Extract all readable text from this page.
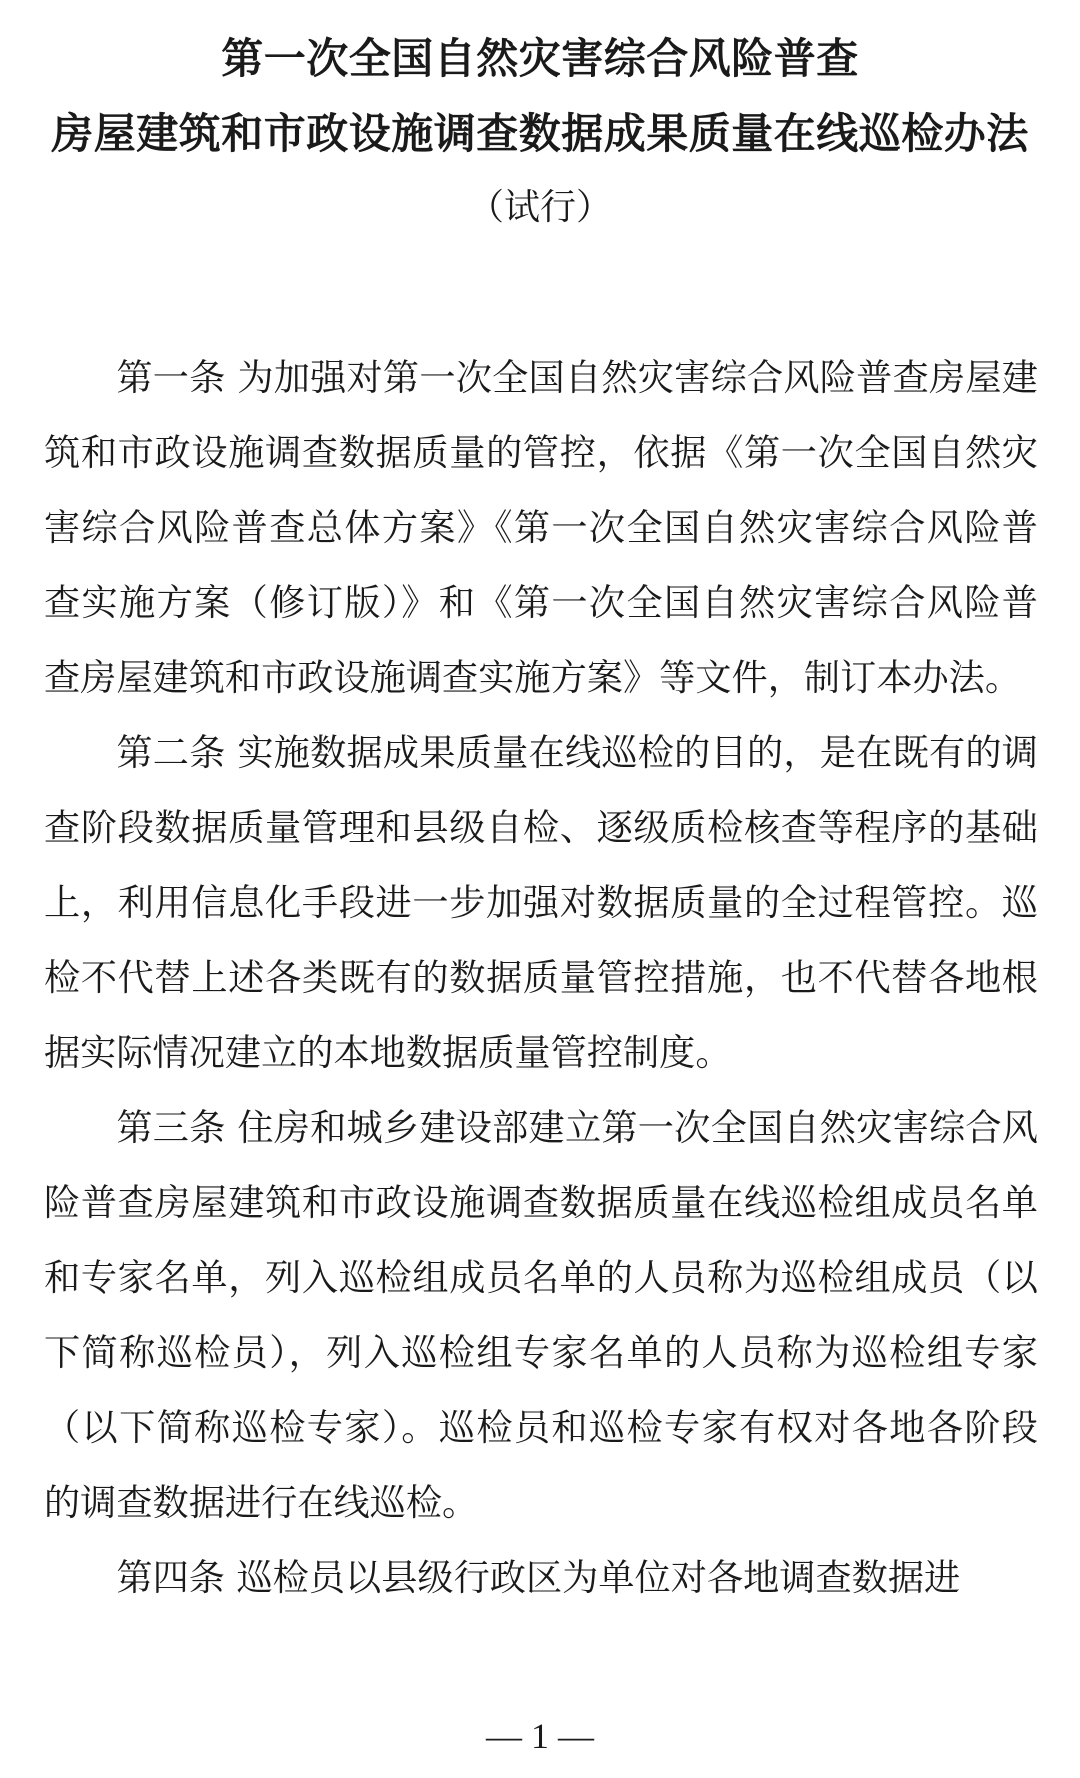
第一次全国自然灾害综合风险普查
房屋建筑和市政设施调查数据成果质量在线巡检办法
（试行）

第一条 为加强对第一次全国自然灾害综合风险普查房屋建筑和市政设施调查数据质量的管控，依据《第一次全国自然灾害综合风险普查总体方案》《第一次全国自然灾害综合风险普查实施方案（修订版）》和《第一次全国自然灾害综合风险普查房屋建筑和市政设施调查实施方案》等文件，制订本办法。

第二条 实施数据成果质量在线巡检的目的，是在既有的调查阶段数据质量管理和县级自检、逐级质检核查等程序的基础上，利用信息化手段进一步加强对数据质量的全过程管控。巡检不代替上述各类既有的数据质量管控措施，也不代替各地根据实际情况建立的本地数据质量管控制度。

第三条 住房和城乡建设部建立第一次全国自然灾害综合风险普查房屋建筑和市政设施调查数据质量在线巡检组成员名单和专家名单，列入巡检组成员名单的人员称为巡检组成员（以下简称巡检员），列入巡检组专家名单的人员称为巡检组专家（以下简称巡检专家）。巡检员和巡检专家有权对各地各阶段的调查数据进行在线巡检。

第四条 巡检员以县级行政区为单位对各地调查数据进

— 1 —
